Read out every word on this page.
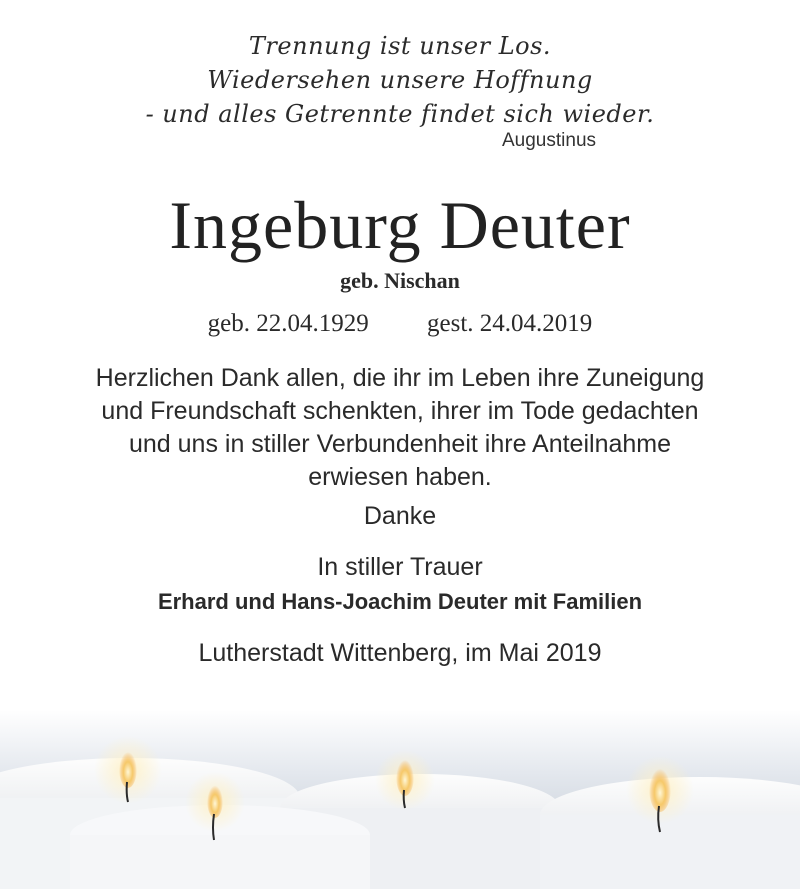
Trennung ist unser Los.
Wiedersehen unsere Hoffnung
- und alles Getrennte findet sich wieder.
Augustinus
Ingeburg Deuter
geb. Nischan
geb. 22.04.1929 gest. 24.04.2019
Herzlichen Dank allen, die ihr im Leben ihre Zuneigung
und Freundschaft schenkten, ihrer im Tode gedachten
und uns in stiller Verbundenheit ihre Anteilnahme
erwiesen haben.
Danke
In stiller Trauer
Erhard und Hans-Joachim Deuter mit Familien
Lutherstadt Wittenberg, im Mai 2019
